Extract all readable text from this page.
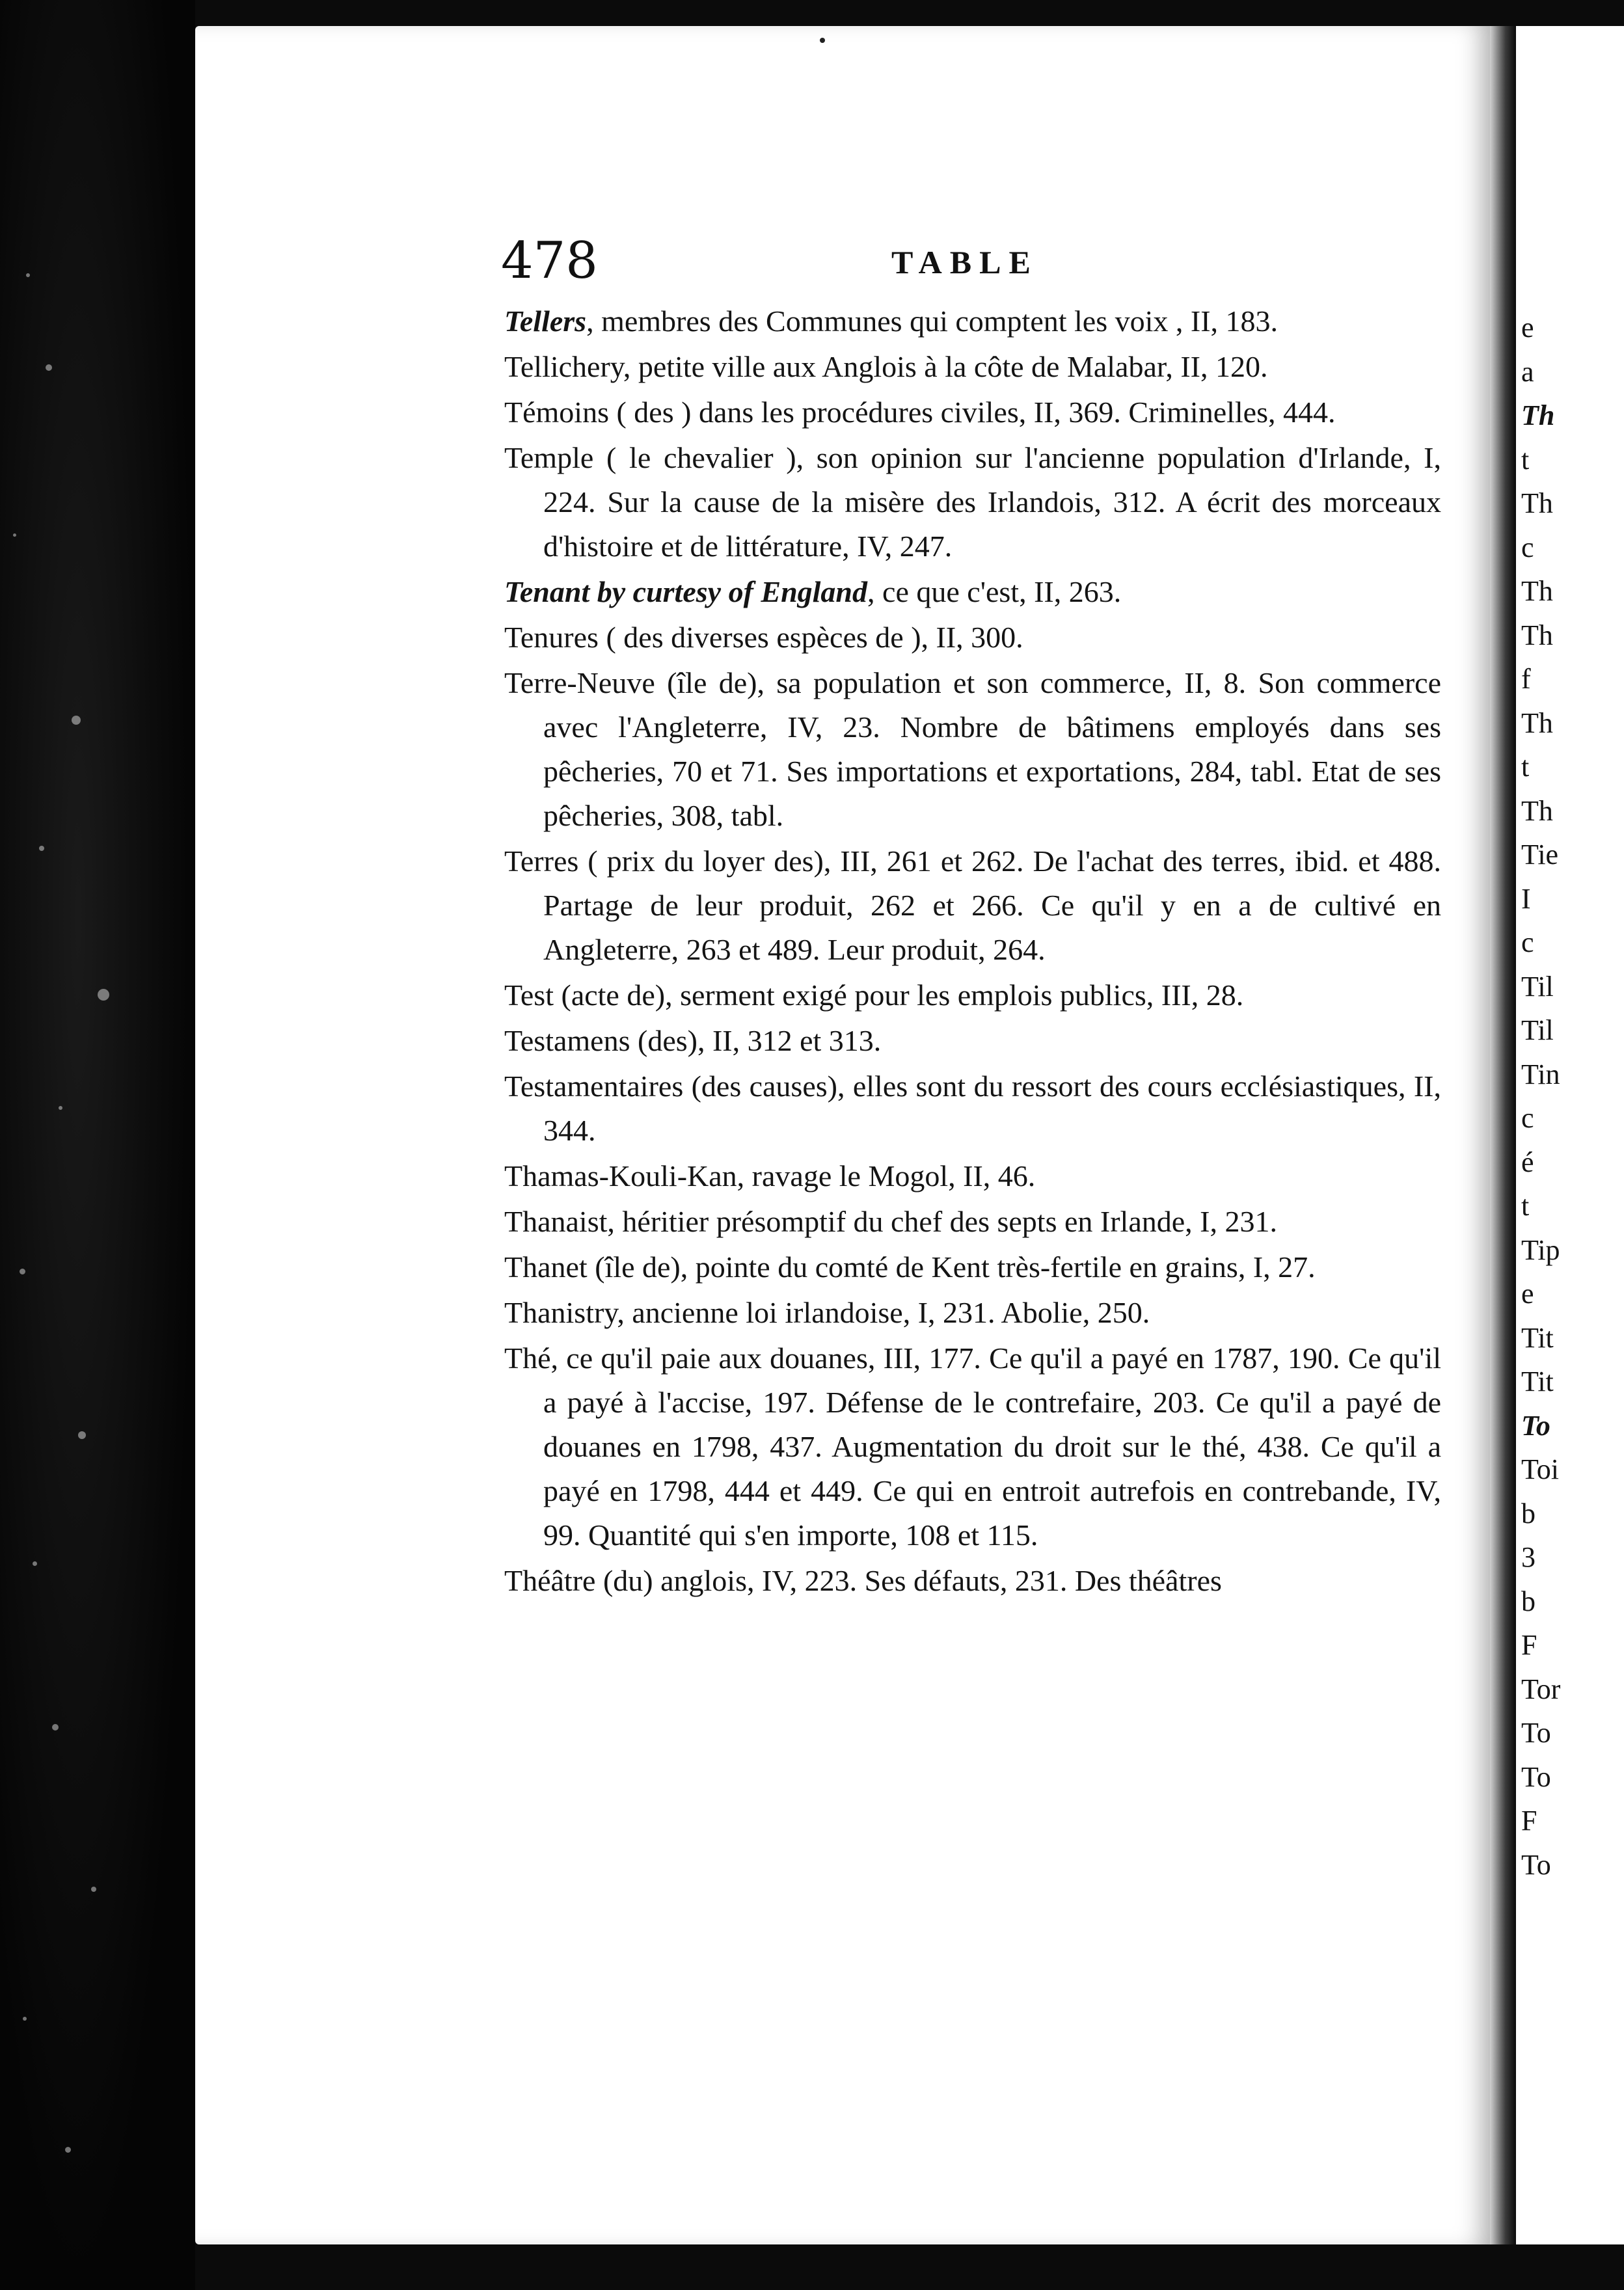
478	TABLE

Tellers, membres des Communes qui comptent les voix , II, 183.

Tellichery, petite ville aux Anglois à la côte de Malabar, II, 120.

Témoins ( des ) dans les procédures civiles, II, 369. Criminelles, 444.

Temple ( le chevalier ), son opinion sur l'ancienne population d'Irlande, I, 224. Sur la cause de la misère des Irlandois, 312. A écrit des morceaux d'histoire et de littérature, IV, 247.

Tenant by curtesy of England, ce que c'est, II, 263.

Tenures ( des diverses espèces de ), II, 300.

Terre-Neuve (île de), sa population et son commerce, II, 8. Son commerce avec l'Angleterre, IV, 23. Nombre de bâtimens employés dans ses pêcheries, 70 et 71. Ses importations et exportations, 284, tabl. Etat de ses pêcheries, 308, tabl.

Terres ( prix du loyer des), III, 261 et 262. De l'achat des terres, ibid. et 488. Partage de leur produit, 262 et 266. Ce qu'il y en a de cultivé en Angleterre, 263 et 489. Leur produit, 264.

Test (acte de), serment exigé pour les emplois publics, III, 28.

Testamens (des), II, 312 et 313.

Testamentaires (des causes), elles sont du ressort des cours ecclésiastiques, II, 344.

Thamas-Kouli-Kan, ravage le Mogol, II, 46.

Thanaist, héritier présomptif du chef des septs en Irlande, I, 231.

Thanet (île de), pointe du comté de Kent très-fertile en grains, I, 27.

Thanistry, ancienne loi irlandoise, I, 231. Abolie, 250.

Thé, ce qu'il paie aux douanes, III, 177. Ce qu'il a payé en 1787, 190. Ce qu'il a payé à l'accise, 197. Défense de le contrefaire, 203. Ce qu'il a payé de douanes en 1798, 437. Augmentation du droit sur le thé, 438. Ce qu'il a payé en 1798, 444 et 449. Ce qui en entroit autrefois en contrebande, IV, 99. Quantité qui s'en importe, 108 et 115.

Théâtre (du) anglois, IV, 223. Ses défauts, 231. Des théâtres

e
a
Th
t
Th
c
Th
Th
f
Th
t
Th
Tie
I
c
Til
Til
Tin
c
é
t
Tip
e
Tit
Tit
To
Toi
b
3
b
F
Tor
To
To
F
To
